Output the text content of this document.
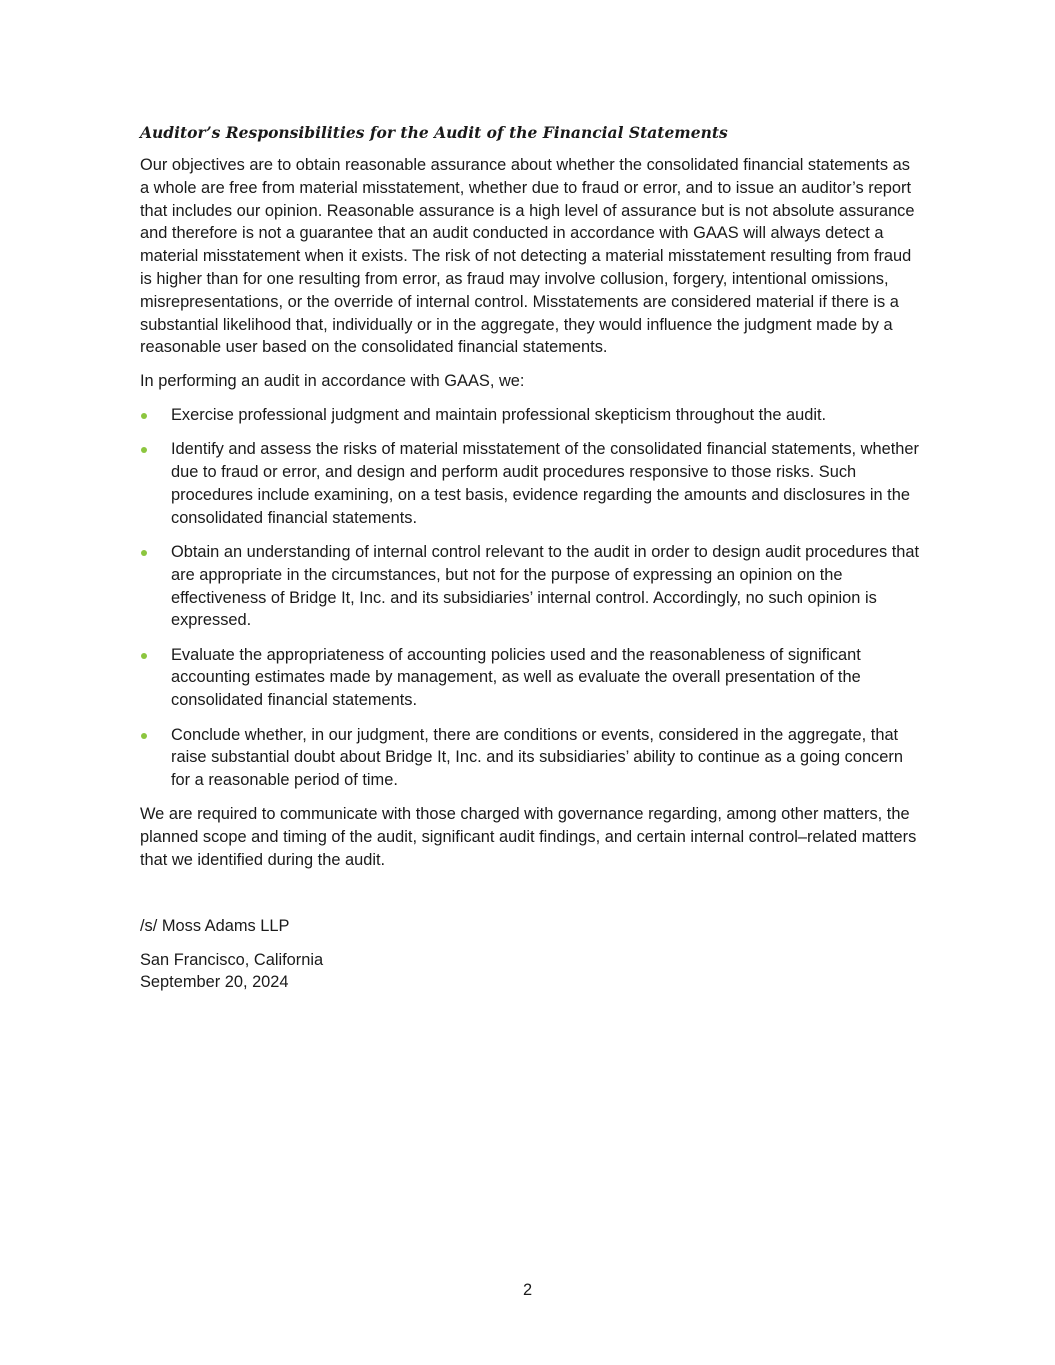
Auditor’s Responsibilities for the Audit of the Financial Statements

Our objectives are to obtain reasonable assurance about whether the consolidated financial statements as a whole are free from material misstatement, whether due to fraud or error, and to issue an auditor’s report that includes our opinion. Reasonable assurance is a high level of assurance but is not absolute assurance and therefore is not a guarantee that an audit conducted in accordance with GAAS will always detect a material misstatement when it exists. The risk of not detecting a material misstatement resulting from fraud is higher than for one resulting from error, as fraud may involve collusion, forgery, intentional omissions, misrepresentations, or the override of internal control. Misstatements are considered material if there is a substantial likelihood that, individually or in the aggregate, they would influence the judgment made by a reasonable user based on the consolidated financial statements.

In performing an audit in accordance with GAAS, we:

Exercise professional judgment and maintain professional skepticism throughout the audit.
Identify and assess the risks of material misstatement of the consolidated financial statements, whether due to fraud or error, and design and perform audit procedures responsive to those risks. Such procedures include examining, on a test basis, evidence regarding the amounts and disclosures in the consolidated financial statements.
Obtain an understanding of internal control relevant to the audit in order to design audit procedures that are appropriate in the circumstances, but not for the purpose of expressing an opinion on the effectiveness of Bridge It, Inc. and its subsidiaries’ internal control. Accordingly, no such opinion is expressed.
Evaluate the appropriateness of accounting policies used and the reasonableness of significant accounting estimates made by management, as well as evaluate the overall presentation of the consolidated financial statements.
Conclude whether, in our judgment, there are conditions or events, considered in the aggregate, that raise substantial doubt about Bridge It, Inc. and its subsidiaries’ ability to continue as a going concern for a reasonable period of time.

We are required to communicate with those charged with governance regarding, among other matters, the planned scope and timing of the audit, significant audit findings, and certain internal control–related matters that we identified during the audit.

/s/ Moss Adams LLP

San Francisco, California

September 20, 2024

2
